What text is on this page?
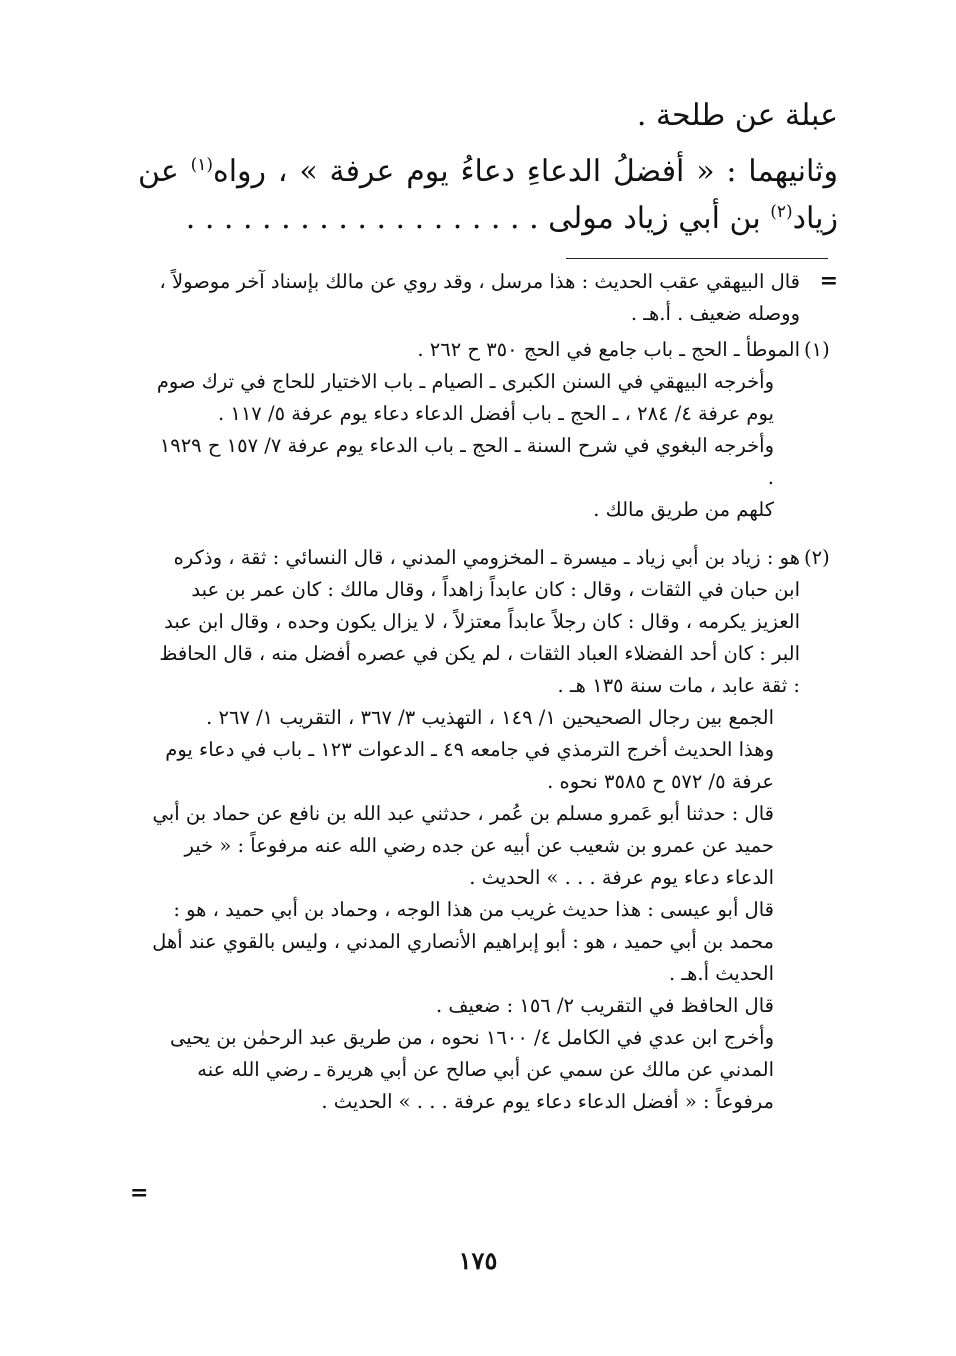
عبلة عن طلحة .
وثانيهما : « أفضلُ الدعاءِ دعاءُ يوم عرفة » ، رواه$^{(١)}$ عن
زياد$^{(٢)}$ بن أبي زياد مولى . . . . . . . . . . . . . . . . . . .
=

قال البيهقي عقب الحديث : هذا مرسل ، وقد روي عن مالك بإسناد آخر موصولاً ، ووصله ضعيف . أ.هـ .

(١)

الموطأ ـ الحج ـ باب جامع في الحج ٣٥٠ ح ٢٦٢ .

وأخرجه البيهقي في السنن الكبرى ـ الصيام ـ باب الاختيار للحاج في ترك صوم يوم عرفة ٤/ ٢٨٤ ، ـ الحج ـ باب أفضل الدعاء دعاء يوم عرفة ٥/ ١١٧ .

وأخرجه البغوي في شرح السنة ـ الحج ـ باب الدعاء يوم عرفة ٧/ ١٥٧ ح ١٩٢٩ .

كلهم من طريق مالك .

(٢)

هو : زياد بن أبي زياد ـ ميسرة ـ المخزومي المدني ، قال النسائي : ثقة ، وذكره ابن حبان في الثقات ، وقال : كان عابداً زاهداً ، وقال مالك : كان عمر بن عبد العزيز يكرمه ، وقال : كان رجلاً عابداً معتزلاً ، لا يزال يكون وحده ، وقال ابن عبد البر : كان أحد الفضلاء العباد الثقات ، لم يكن في عصره أفضل منه ، قال الحافظ : ثقة عابد ، مات سنة ١٣٥ هـ .

الجمع بين رجال الصحيحين ١/ ١٤٩ ، التهذيب ٣/ ٣٦٧ ، التقريب ١/ ٢٦٧ .

وهذا الحديث أخرج الترمذي في جامعه ٤٩ ـ الدعوات ١٢٣ ـ باب في دعاء يوم عرفة ٥/ ٥٧٢ ح ٣٥٨٥ نحوه .

قال : حدثنا أبو عَمرو مسلم بن عُمر ، حدثني عبد الله بن نافع عن حماد بن أبي حميد عن عمرو بن شعيب عن أبيه عن جده رضي الله عنه مرفوعاً : « خير الدعاء دعاء يوم عرفة . . . » الحديث .

قال أبو عيسى : هذا حديث غريب من هذا الوجه ، وحماد بن أبي حميد ، هو : محمد بن أبي حميد ، هو : أبو إبراهيم الأنصاري المدني ، وليس بالقوي عند أهل الحديث أ.هـ .

قال الحافظ في التقريب ٢/ ١٥٦ : ضعيف .

وأخرج ابن عدي في الكامل ٤/ ١٦٠٠ نحوه ، من طريق عبد الرحمٰن بن يحيى المدني عن مالك عن سمي عن أبي صالح عن أبي هريرة ـ رضي الله عنه مرفوعاً : « أفضل الدعاء دعاء يوم عرفة . . . » الحديث .

=
١٧٥
